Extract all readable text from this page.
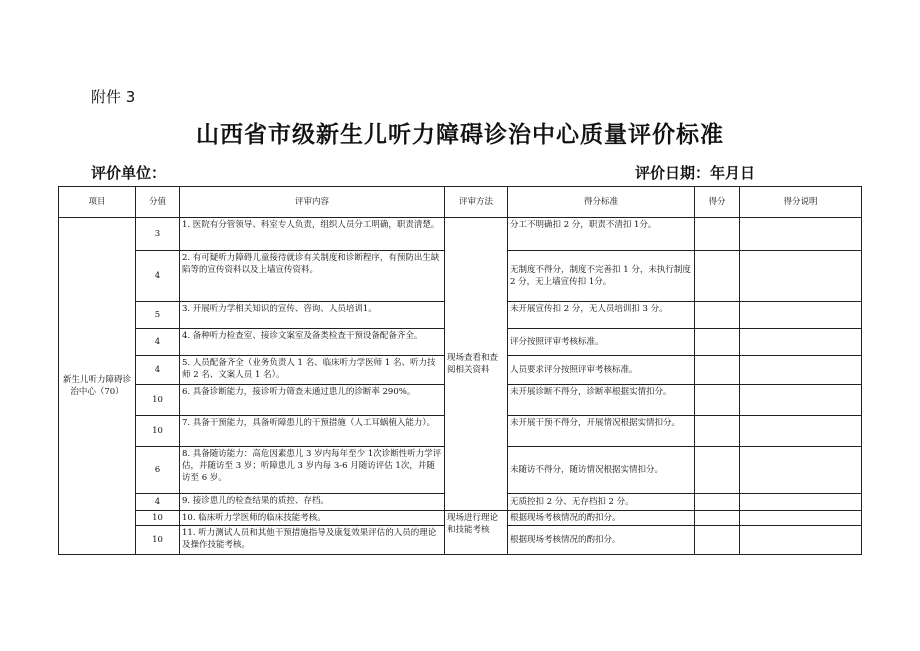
附件 3
山西省市级新生儿听力障碍诊治中心质量评价标准
评价单位：	评价日期：年月日
项目	分值	评审内容	评审方法	得分标准	得分	得分说明
新生儿听力障碍诊治中心（70）	3	1. 医院有分管领导、科室专人负责，组织人员分工明确，职责清楚。	现场查看和查阅相关资料	分工不明确扣 2 分，职责不清扣 1分。		
	4	2. 有可疑听力障碍儿童接待就诊有关制度和诊断程序，有预防出生缺陷等的宣传资料以及上墙宣传资料。		无制度不得分，制度不完善扣 1 分，未执行制度 2 分，无上墙宣传扣 1分。		
	5	3. 开展听力学相关知识的宣传、咨询、人员培训1。		未开展宣传扣 2 分，无人员培训扣 3 分。		
	4	4. 备种听力检查室、接诊文案室及备类检查干预设备配备齐全。		评分按照评审考核标准。		
	4	5. 人员配备齐全（业务负责人 1 名、临床听力学医师 1 名、听力技师 2 名、文案人员 1 名）。		人员要求评分按照评审考核标准。		
	10	6. 具备诊断能力，接诊听力筛查未通过患儿的诊断率 290%。		未开展诊断不得分，诊断率根据实情扣分。		
	10	7. 具备干预能力，具备听障患儿的干预措施（人工耳蜗植入能力）。		未开展干预不得分，开展情况根据实情扣分。		
	6	8. 具备随访能力：高危因素患儿 3 岁内每年至少 1次诊断性听力学评估，并随访至 3 岁；听障患儿 3 岁内每 3-6 月随访评估 1次，并随访至 6 岁。		未随访不得分，随访情况根据实情扣分。		
	4	9. 接诊患儿的检查结果的质控、存档。		无质控扣 2 分、无存档扣 2 分。		
	10	10. 临床听力学医师的临床技能考核。	现场进行理论和技能考核	根据现场考核情况的酌扣分。		
	10	11. 听力测试人员和其他干预措施指导及康复效果评估的人员的理论及操作技能考核。		根据现场考核情况的酌扣分。		
